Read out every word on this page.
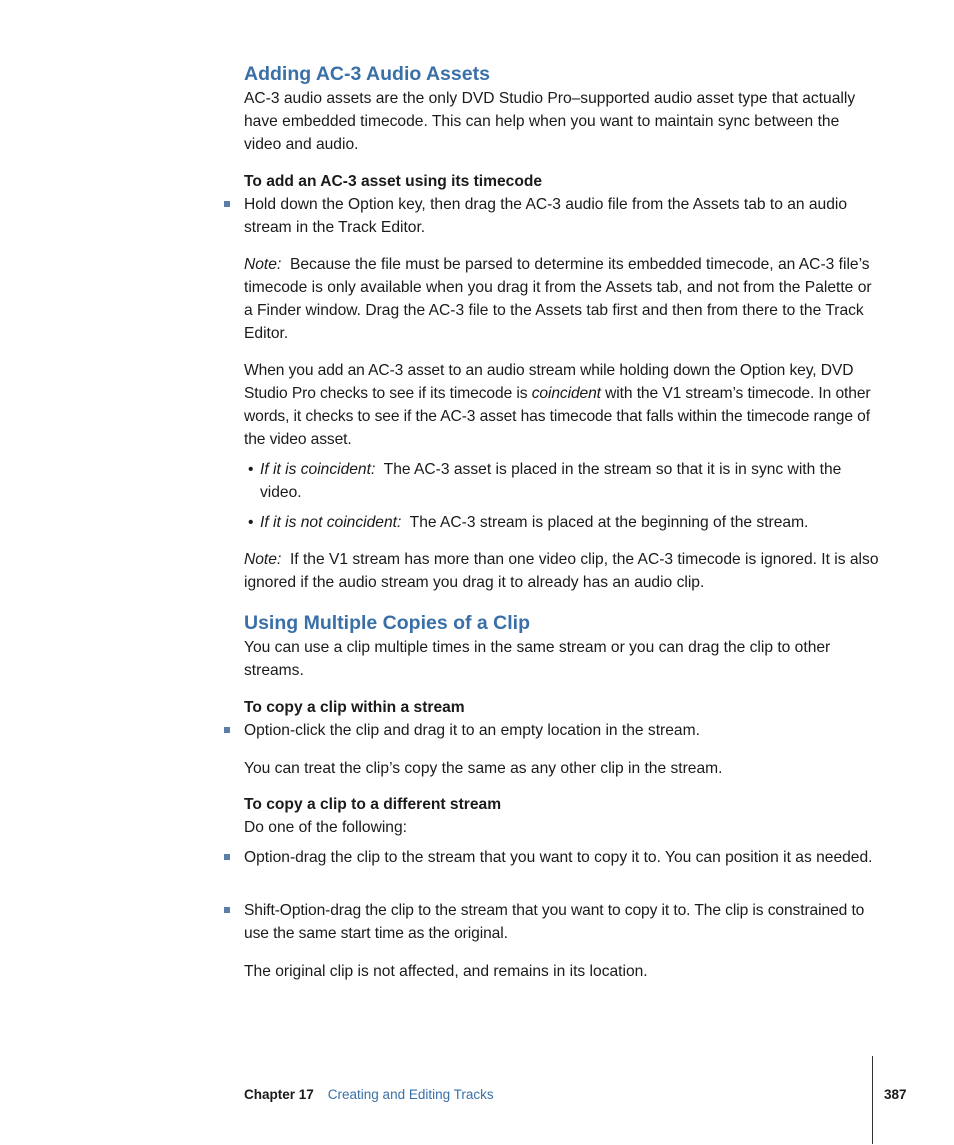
Adding AC-3 Audio Assets

AC-3 audio assets are the only DVD Studio Pro–supported audio asset type that actually have embedded timecode. This can help when you want to maintain sync between the video and audio.

To add an AC-3 asset using its timecode

Hold down the Option key, then drag the AC-3 audio file from the Assets tab to an audio stream in the Track Editor.

Note: Because the file must be parsed to determine its embedded timecode, an AC-3 file’s timecode is only available when you drag it from the Assets tab, and not from the Palette or a Finder window. Drag the AC-3 file to the Assets tab first and then from there to the Track Editor.

When you add an AC-3 asset to an audio stream while holding down the Option key, DVD Studio Pro checks to see if its timecode is coincident with the V1 stream’s timecode. In other words, it checks to see if the AC-3 asset has timecode that falls within the timecode range of the video asset.

• If it is coincident: The AC-3 asset is placed in the stream so that it is in sync with the video.

• If it is not coincident: The AC-3 stream is placed at the beginning of the stream.

Note: If the V1 stream has more than one video clip, the AC-3 timecode is ignored. It is also ignored if the audio stream you drag it to already has an audio clip.

Using Multiple Copies of a Clip

You can use a clip multiple times in the same stream or you can drag the clip to other streams.

To copy a clip within a stream

Option-click the clip and drag it to an empty location in the stream.

You can treat the clip’s copy the same as any other clip in the stream.

To copy a clip to a different stream

Do one of the following:

Option-drag the clip to the stream that you want to copy it to. You can position it as needed.

Shift-Option-drag the clip to the stream that you want to copy it to. The clip is constrained to use the same start time as the original.

The original clip is not affected, and remains in its location.

Chapter 17 Creating and Editing Tracks	387
